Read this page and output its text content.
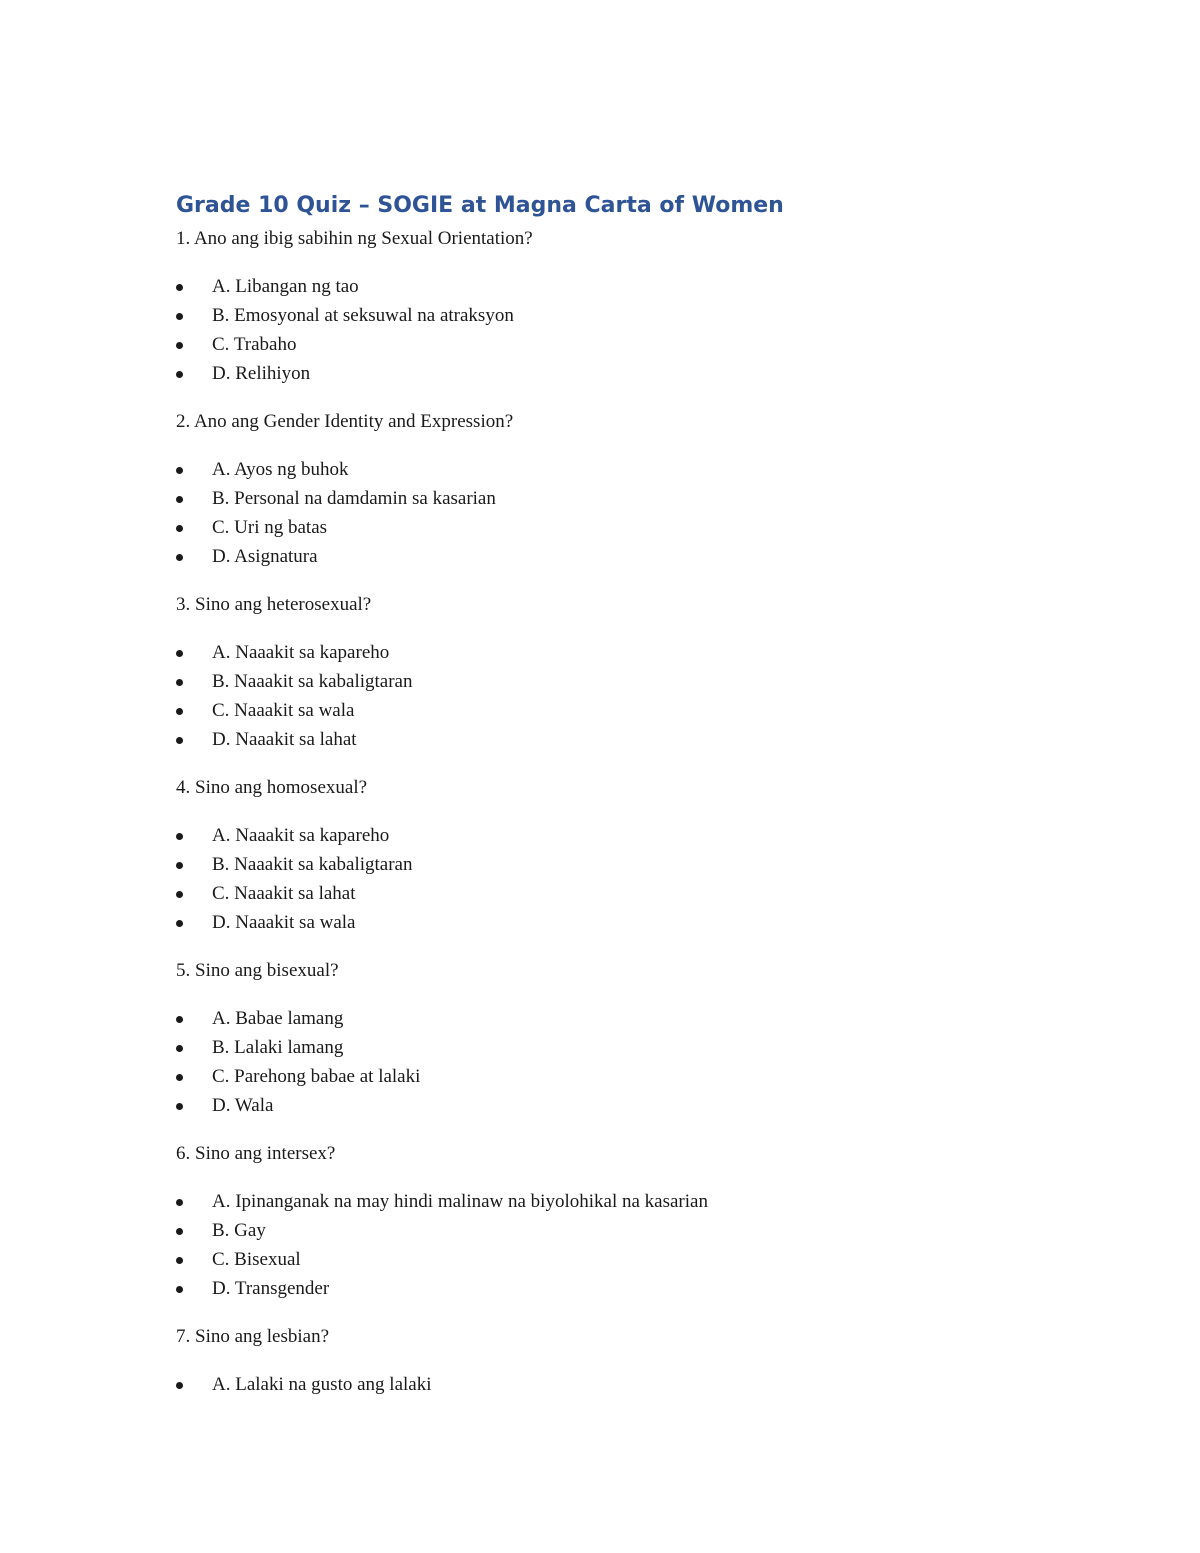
Grade 10 Quiz – SOGIE at Magna Carta of Women

1. Ano ang ibig sabihin ng Sexual Orientation?

A. Libangan ng tao
B. Emosyonal at seksuwal na atraksyon
C. Trabaho
D. Relihiyon

2. Ano ang Gender Identity and Expression?

A. Ayos ng buhok
B. Personal na damdamin sa kasarian
C. Uri ng batas
D. Asignatura

3. Sino ang heterosexual?

A. Naaakit sa kapareho
B. Naaakit sa kabaligtaran
C. Naaakit sa wala
D. Naaakit sa lahat

4. Sino ang homosexual?

A. Naaakit sa kapareho
B. Naaakit sa kabaligtaran
C. Naaakit sa lahat
D. Naaakit sa wala

5. Sino ang bisexual?

A. Babae lamang
B. Lalaki lamang
C. Parehong babae at lalaki
D. Wala

6. Sino ang intersex?

A. Ipinanganak na may hindi malinaw na biyolohikal na kasarian
B. Gay
C. Bisexual
D. Transgender

7. Sino ang lesbian?

A. Lalaki na gusto ang lalaki
